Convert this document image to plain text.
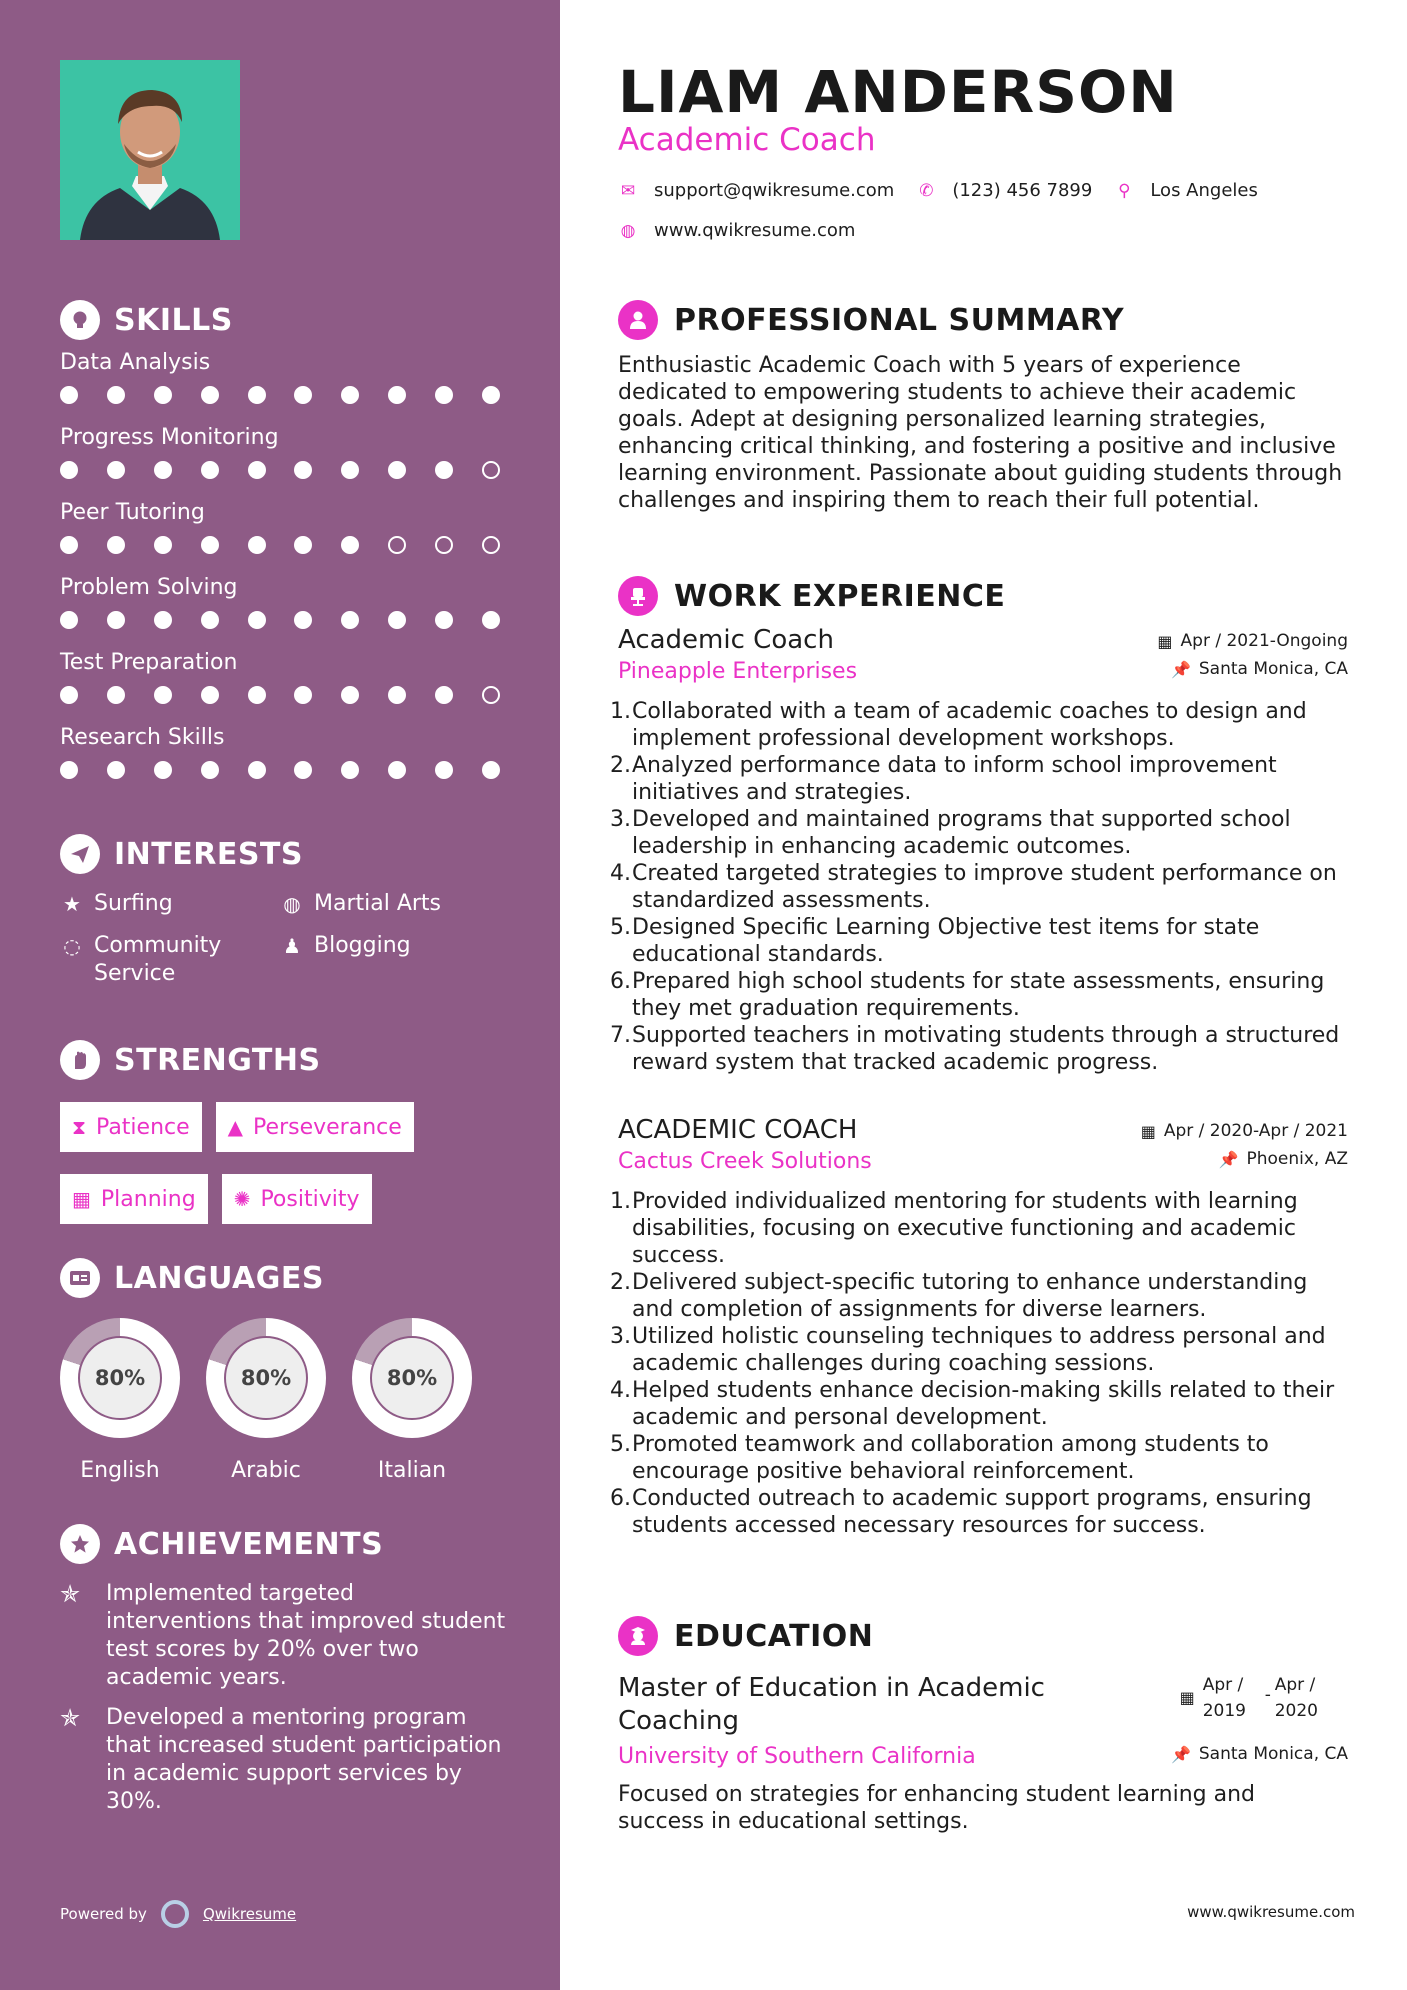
SKILLS
Data Analysis
Progress Monitoring
Peer Tutoring
Problem Solving
Test Preparation
Research Skills
INTERESTS
★ Surfing	◍ Martial Arts
◌ Community Service
♟ Blogging
STRENGTHS
⧗ Patience ▲ Perseverance
▦ Planning ✺ Positivity
LANGUAGES
80%
English
80%
Arabic
80%
Italian
ACHIEVEMENTS
✯	Implemented targeted interventions that improved student test scores by 20% over two academic years.
✯	Developed a mentoring program that increased student participation in academic support services by 30%.
Powered by	Qwikresume
LIAM ANDERSON
Academic Coach
✉ support@qwikresume.com ✆ (123) 456 7899 ⚲ Los Angeles
◍ www.qwikresume.com
PROFESSIONAL SUMMARY
Enthusiastic Academic Coach with 5 years of experience dedicated to empowering students to achieve their academic goals. Adept at designing personalized learning strategies, enhancing critical thinking, and fostering a positive and inclusive learning environment. Passionate about guiding students through challenges and inspiring them to reach their full potential.
WORK EXPERIENCE
Academic Coach	▦ Apr / 2021-Ongoing
Pineapple Enterprises	📌 Santa Monica, CA
1. Collaborated with a team of academic coaches to design and implement professional development workshops.
2. Analyzed performance data to inform school improvement initiatives and strategies.
3. Developed and maintained programs that supported school leadership in enhancing academic outcomes.
4. Created targeted strategies to improve student performance on standardized assessments.
5. Designed Specific Learning Objective test items for state educational standards.
6. Prepared high school students for state assessments, ensuring they met graduation requirements.
7. Supported teachers in motivating students through a structured reward system that tracked academic progress.
ACADEMIC COACH	▦ Apr / 2020-Apr / 2021
Cactus Creek Solutions	📌 Phoenix, AZ
1. Provided individualized mentoring for students with learning disabilities, focusing on executive functioning and academic success.
2. Delivered subject-specific tutoring to enhance understanding and completion of assignments for diverse learners.
3. Utilized holistic counseling techniques to address personal and academic challenges during coaching sessions.
4. Helped students enhance decision-making skills related to their academic and personal development.
5. Promoted teamwork and collaboration among students to encourage positive behavioral reinforcement.
6. Conducted outreach to academic support programs, ensuring students accessed necessary resources for success.
EDUCATION
Master of Education in Academic Coaching
▦
Apr /
2019
- Apr /
2020
University of Southern California	📌 Santa Monica, CA
Focused on strategies for enhancing student learning and success in educational settings.
www.qwikresume.com
